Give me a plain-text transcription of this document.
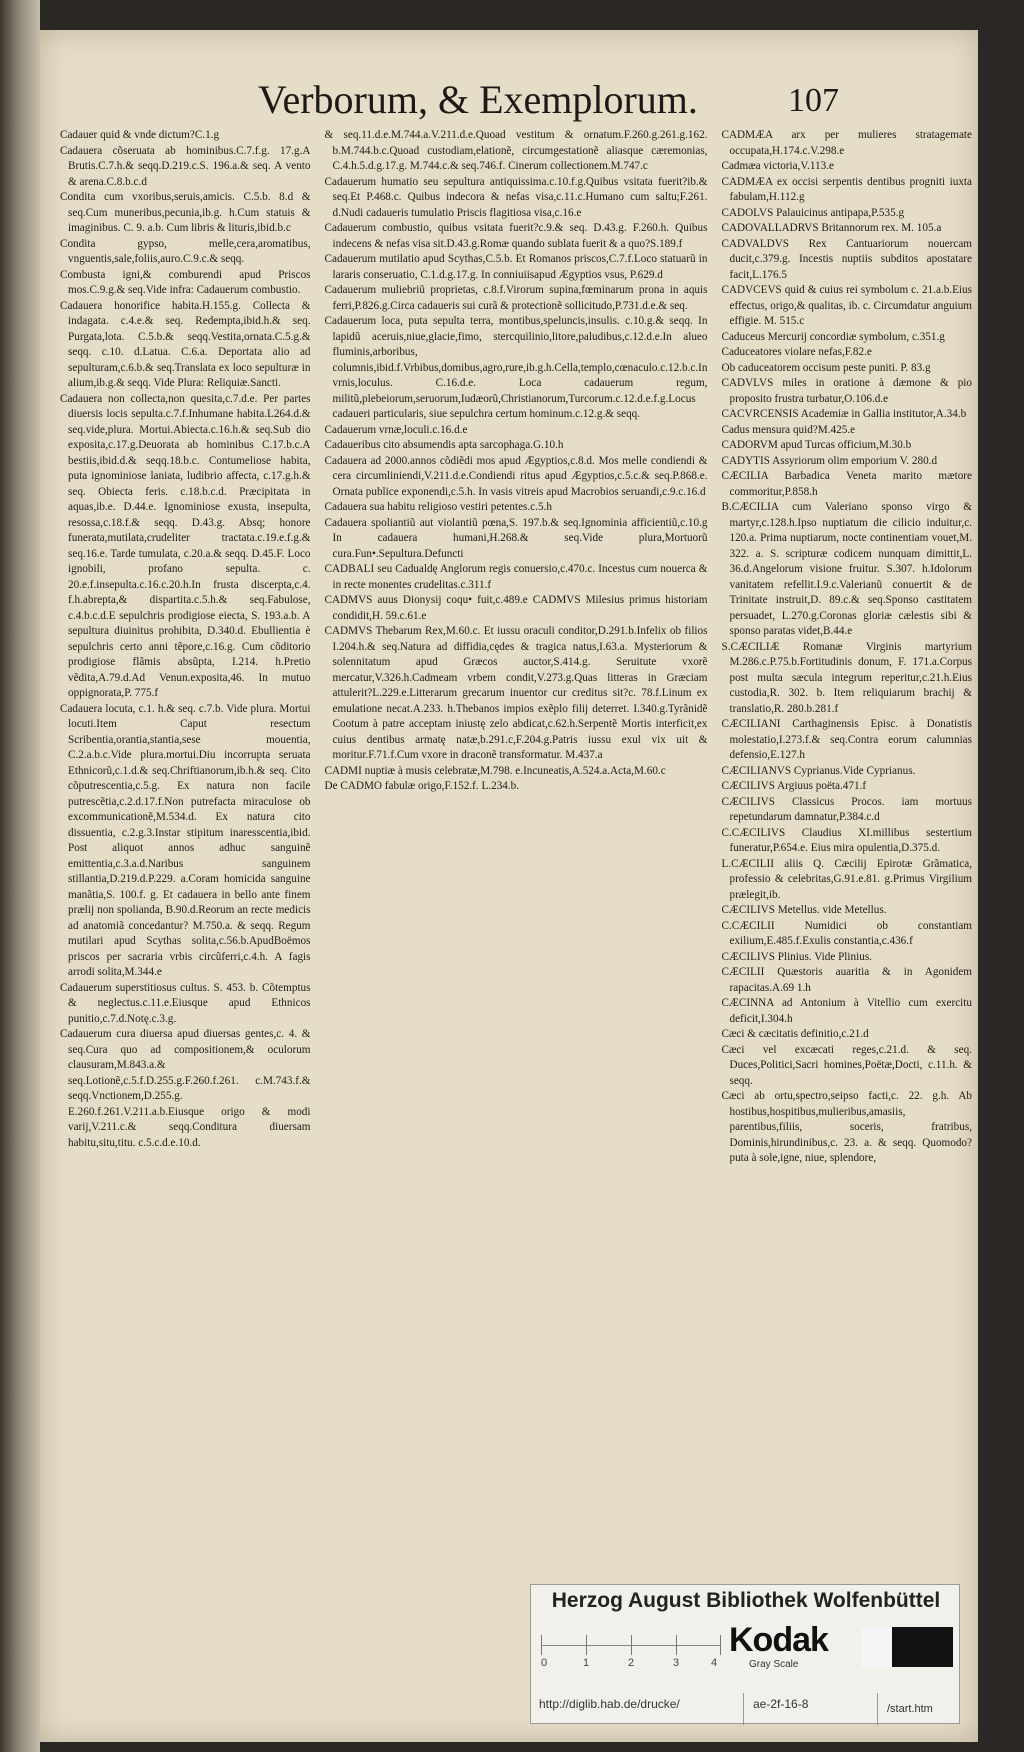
Verborum, & Exemplorum.	107

Cadauer quid & vnde dictum?C.1.g

Cadauera cõseruata ab hominibus.C.7.f.g. 17.g.A Brutis.C.7.h.& seqq.D.219.c.S. 196.a.& seq. A vento & arena.C.8.b.c.d

Condita cum vxoribus,seruis,amicis. C.5.b. 8.d & seq.Cum muneribus,pecunia,ib.g. h.Cum statuis & imaginibus. C. 9. a.b. Cum libris & lituris,ibid.b.c

Condita gypso, melle,cera,aromatibus, vnguentis,sale,foliis,auro.C.9.c.& seqq.

Combusta igni,& comburendi apud Priscos mos.C.9.g.& seq.Vide infra: Cadauerum combustio.

Cadauera honorifice habita.H.155.g. Collecta & indagata. c.4.e.& seq. Redempta,ibid.h.& seq. Purgata,lota. C.5.b.& seqq.Vestita,ornata.C.5.g.& seqq. c.10. d.Latua. C.6.a. Deportata alio ad sepulturam,c.6.b.& seq.Translata ex loco sepulturæ in alium,ib.g.& seqq. Vide Plura: Reliquiæ.Sancti.

Cadauera non collecta,non quesita,c.7.d.e. Per partes diuersis locis sepulta.c.7.f.Inhumane habita.L264.d.& seq.vide,plura. Mortui.Abiecta.c.16.h.& seq.Sub dio exposita,c.17.g.Deuorata ab hominibus C.17.b.c.A bestiis,ibid.d.& seqq.18.b.c. Contumeliose habita, puta ignominiose laniata, ludibrio affecta, c.17.g.h.& seq. Obiecta feris. c.18.b.c.d. Præcipitata in aquas,ib.e. D.44.e. Ignominiose exusta, insepulta, resossa,c.18.f.& seqq. D.43.g. Absq; honore funerata,mutilata,crudeliter tractata.c.19.e.f.g.& seq.16.e. Tarde tumulata, c.20.a.& seqq. D.45.F. Loco ignobili, profano sepulta. c. 20.e.f.insepulta.c.16.c.20.h.In frusta discerpta,c.4. f.h.abrepta,& dispartita.c.5.h.& seq.Fabulose, c.4.b.c.d.E sepulchris prodigiose eiecta, S. 193.a.b. A sepultura diuinitus prohibita, D.340.d. Ebullientia è sepulchris certo anni tẽpore,c.16.g. Cum cõditorio prodigiose flãmis absũpta, I.214. h.Pretio vẽdita,A.79.d.Ad Venun.exposita,46. In mutuo oppignorata,P. 775.f

Cadauera locuta, c.1. h.& seq. c.7.b. Vide plura. Mortui locuti.Item Caput resectum Scribentia,orantia,stantia,sese mouentia, C.2.a.b.c.Vide plura.mortui.Diu incorrupta seruata Ethnicorũ,c.1.d.& seq.Chriftianorum,ib.h.& seq. Cito cõputrescentia,c.5.g. Ex natura non facile putrescẽtia,c.2.d.17.f.Non putrefacta miraculose ob excommunicationẽ,M.534.d. Ex natura cito dissuentia, c.2.g.3.Instar stipitum inaresscentia,ibid. Post aliquot annos adhuc sanguinẽ emittentia,c.3.a.d.Naribus sanguinem stillantia,D.219.d.P.229. a.Coram homicida sanguine manãtia,S. 100.f. g. Et cadauera in bello ante finem prælij non spolianda, B.90.d.Reorum an recte medicis ad anatomiã concedantur? M.750.a. & seqq. Regum mutilari apud Scythas solita,c.56.b.ApudBoëmos priscos per sacraria vrbis circũferri,c.4.h. A fagis arrodi solita,M.344.e

Cadauerum superstitiosus cultus. S. 453. b. Cõtemptus & neglectus.c.11.e.Eiusque apud Ethnicos punitio,c.7.d.Notę.c.3.g.

Cadauerum cura diuersa apud diuersas gentes,c. 4. & seq.Cura quo ad compositionem,& oculorum clausuram,M.843.a.& seq.Lotionẽ,c.5.f.D.255.g.F.260.f.261. c.M.743.f.& seqq.Vnctionem,D.255.g. E.260.f.261.V.211.a.b.Eiusque origo & modi varij,V.211.c.& seqq.Conditura diuersam habitu,situ,titu. c.5.c.d.e.10.d.

& seq.11.d.e.M.744.a.V.211.d.e.Quoad vestitum & ornatum.F.260.g.261.g.162. b.M.744.b.c.Quoad custodiam,elationẽ, circumgestationẽ aliasque cæremonias, C.4.h.5.d.g.17.g. M.744.c.& seq.746.f. Cinerum collectionem.M.747.c

Cadauerum humatio seu sepultura antiquissima.c.10.f.g.Quibus vsitata fuerit?ib.& seq.Et P.468.c. Quibus indecora & nefas visa,c.11.c.Humano cum saltu;F.261. d.Nudi cadaueris tumulatio Priscis flagitiosa visa,c.16.e

Cadauerum combustio, quibus vsitata fuerit?c.9.& seq. D.43.g. F.260.h. Quibus indecens & nefas visa sit.D.43.g.Romæ quando sublata fuerit & a quo?S.189.f

Cadauerum mutilatio apud Scythas,C.5.b. Et Romanos priscos,C.7.f.Loco statuarũ in lararis conseruatio, C.1.d.g.17.g. In conniuiisapud Ægyptios vsus, P.629.d

Cadauerum muliebriũ proprietas, c.8.f.Virorum supina,fœminarum prona in aquis ferri,P.826.g.Circa cadaueris sui curã & protectionẽ sollicitudo,P.731.d.e.& seq.

Cadauerum loca, puta sepulta terra, montibus,speluncis,insulis. c.10.g.& seqq. In lapidũ aceruis,niue,glacie,fimo, stercquilinio,litore,paludibus,c.12.d.e.In alueo fluminis,arboribus, columnis,ibid.f.Vrbibus,domibus,agro,rure,ib.g.h.Cella,templo,cœnaculo.c.12.b.c.In vrnis,loculus. C.16.d.e. Loca cadauerum regum, militũ,plebeiorum,seruorum,Iudæorũ,Christianorum,Turcorum.c.12.d.e.f.g.Locus cadaueri particularis, siue sepulchra certum hominum.c.12.g.& seqq.

Cadauerum vrnæ,loculi.c.16.d.e

Cadaueribus cito absumendis apta sarcophaga.G.10.h

Cadauera ad 2000.annos cõdiẽdi mos apud Ægyptios,c.8.d. Mos melle condiendi & cera circumliniendi,V.211.d.e.Condiendi ritus apud Ægyptios,c.5.c.& seq.P.868.e. Ornata publice exponendi,c.5.h. In vasis vitreis apud Macrobios seruandi,c.9.c.16.d

Cadauera sua habitu religioso vestiri petentes.c.5.h

Cadauera spoliantiũ aut violantiũ pœna,S. 197.b.& seq.Ignominia afficientiũ,c.10.g In cadauera humani,H.268.& seq.Vide plura,Mortuorũ cura.Fun•.Sepultura.Defuncti

CADBALI seu Cadualdę Anglorum regis conuersio,c.470.c. Incestus cum nouerca & in recte monentes crudelitas.c.311.f

CADMVS auus Dionysij coqu• fuit,c.489.e CADMVS Milesius primus historiam condidit,H. 59.c.61.e

CADMVS Thebarum Rex,M.60.c. Et iussu oraculi conditor,D.291.b.Infelix ob filios I.204.h.& seq.Natura ad diffidia,cędes & tragica natus,I.63.a. Mysteriorum & solennitatum apud Græcos auctor,S.414.g. Seruitute vxorẽ mercatur,V.326.h.Cadmeam vrbem condit,V.273.g.Quas litteras in Græciam attulerit?L.229.e.Litterarum grecarum inuentor cur creditus sit?c. 78.f.Linum ex emulatione necat.A.233. h.Thebanos impios exẽplo filij deterret. I.340.g.Tyrãnidẽ Cootum à patre acceptam iniustę zelo abdicat,c.62.h.Serpentẽ Mortis interficit,ex cuius dentibus armatę natæ,b.291.c,F.204.g.Patris iussu exul vix uit & moritur.F.71.f.Cum vxore in draconẽ transformatur. M.437.a

CADMI nuptiæ à musis celebratæ,M.798. e.Incuneatis,A.524.a.Acta,M.60.c

De CADMO fabulæ origo,F.152.f. L.234.b.

CADMÆA arx per mulieres stratagemate occupata,H.174.c.V.298.e

Cadmæa victoria,V.113.e

CADMÆA ex occisi serpentis dentibus progniti iuxta fabulam,H.112.g

CADOLVS Palauicinus antipapa,P.535.g

CADOVALLADRVS Britannorum rex. M. 105.a

CADVALDVS Rex Cantuariorum nouercam ducit,c.379.g. Incestis nuptiis subditos apostatare facit,L.176.5

CADVCEVS quid & cuius rei symbolum c. 21.a.b.Eius effectus, origo,& qualitas, ib. c. Circumdatur anguium effigie. M. 515.c

Caduceus Mercurij concordiæ symbolum, c.351.g

Caduceatores violare nefas,F.82.e

Ob caduceatorem occisum peste puniti. P. 83.g

CADVLVS miles in oratione à dæmone & pio proposito frustra turbatur,O.106.d.e

CACVRCENSIS Academiæ in Gallia institutor,A.34.b

Cadus mensura quid?M.425.e

CADORVM apud Turcas officium,M.30.b

CADYTIS Assyriorum olim emporium V. 280.d

CÆCILIA Barbadica Veneta marito mætore commoritur,P.858.h

B.CÆCILIA cum Valeriano sponso virgo & martyr,c.128.h.Ipso nuptiatum die cilicio induitur,c. 120.a. Prima nuptiarum, nocte continentiam vouet,M. 322. a. S. scripturæ codicem nunquam dimittit,L. 36.d.Angelorum visione fruitur. S.307. h.Idolorum vanitatem refellit.I.9.c.Valerianũ conuertit & de Trinitate instruit,D. 89.c.& seq.Sponso castitatem persuadet, L.270.g.Coronas gloriæ cælestis sibi & sponso paratas videt,B.44.e

S.CÆCILIÆ Romanæ Virginis martyrium M.286.c.P.75.b.Fortitudinis donum, F. 171.a.Corpus post multa sæcula integrum reperitur,c.21.h.Eius custodia,R. 302. b. Item reliquiarum brachij & translatio,R. 280.b.281.f

CÆCILIANI Carthaginensis Episc. à Donatistis molestatio,I.273.f.& seq.Contra eorum calumnias defensio,E.127.h

CÆCILIANVS Cyprianus.Vide Cyprianus.

CÆCILIVS Argiuus poëta.471.f

CÆCILIVS Classicus Procos. iam mortuus repetundarum damnatur,P.384.c.d

C.CÆCILIVS Claudius XI.millibus sestertium funeratur,P.654.e. Eius mira opulentia,D.375.d.

L.CÆCILII aliis Q. Cæcilij Epirotæ Grãmatica, professio & celebritas,G.91.e.81. g.Primus Virgilium prælegit,ib.

CÆCILIVS Metellus. vide Metellus.

C.CÆCILII Numidici ob constantiam exilium,E.485.f.Exulis constantia,c.436.f

CÆCILIVS Plinius. Vide Plinius.

CÆCILII Quæstoris auaritia & in Agonidem rapacitas.A.69 1.h

CÆCINNA ad Antonium à Vitellio cum exercitu deficit,I.304.h

Cæci & cæcitatis definitio,c.21.d

Cæci vel excæcati reges,c.21.d. & seq. Duces,Politici,Sacri homines,Poëtæ,Docti, c.11.h. & seqq.

Cæci ab ortu,spectro,seipso facti,c. 22. g.h. Ab hostibus,hospitibus,mulieribus,amasiis, parentibus,filiis, soceris, fratribus, Dominis,hirundinibus,c. 23. a. & seqq. Quomodo?puta à sole,igne, niue, splendore,

Herzog August Bibliothek Wolfenbüttel
0	1	2	3	4
Kodak
Gray Scale
http://diglib.hab.de/drucke/	ae-2f-16-8	/start.htm
